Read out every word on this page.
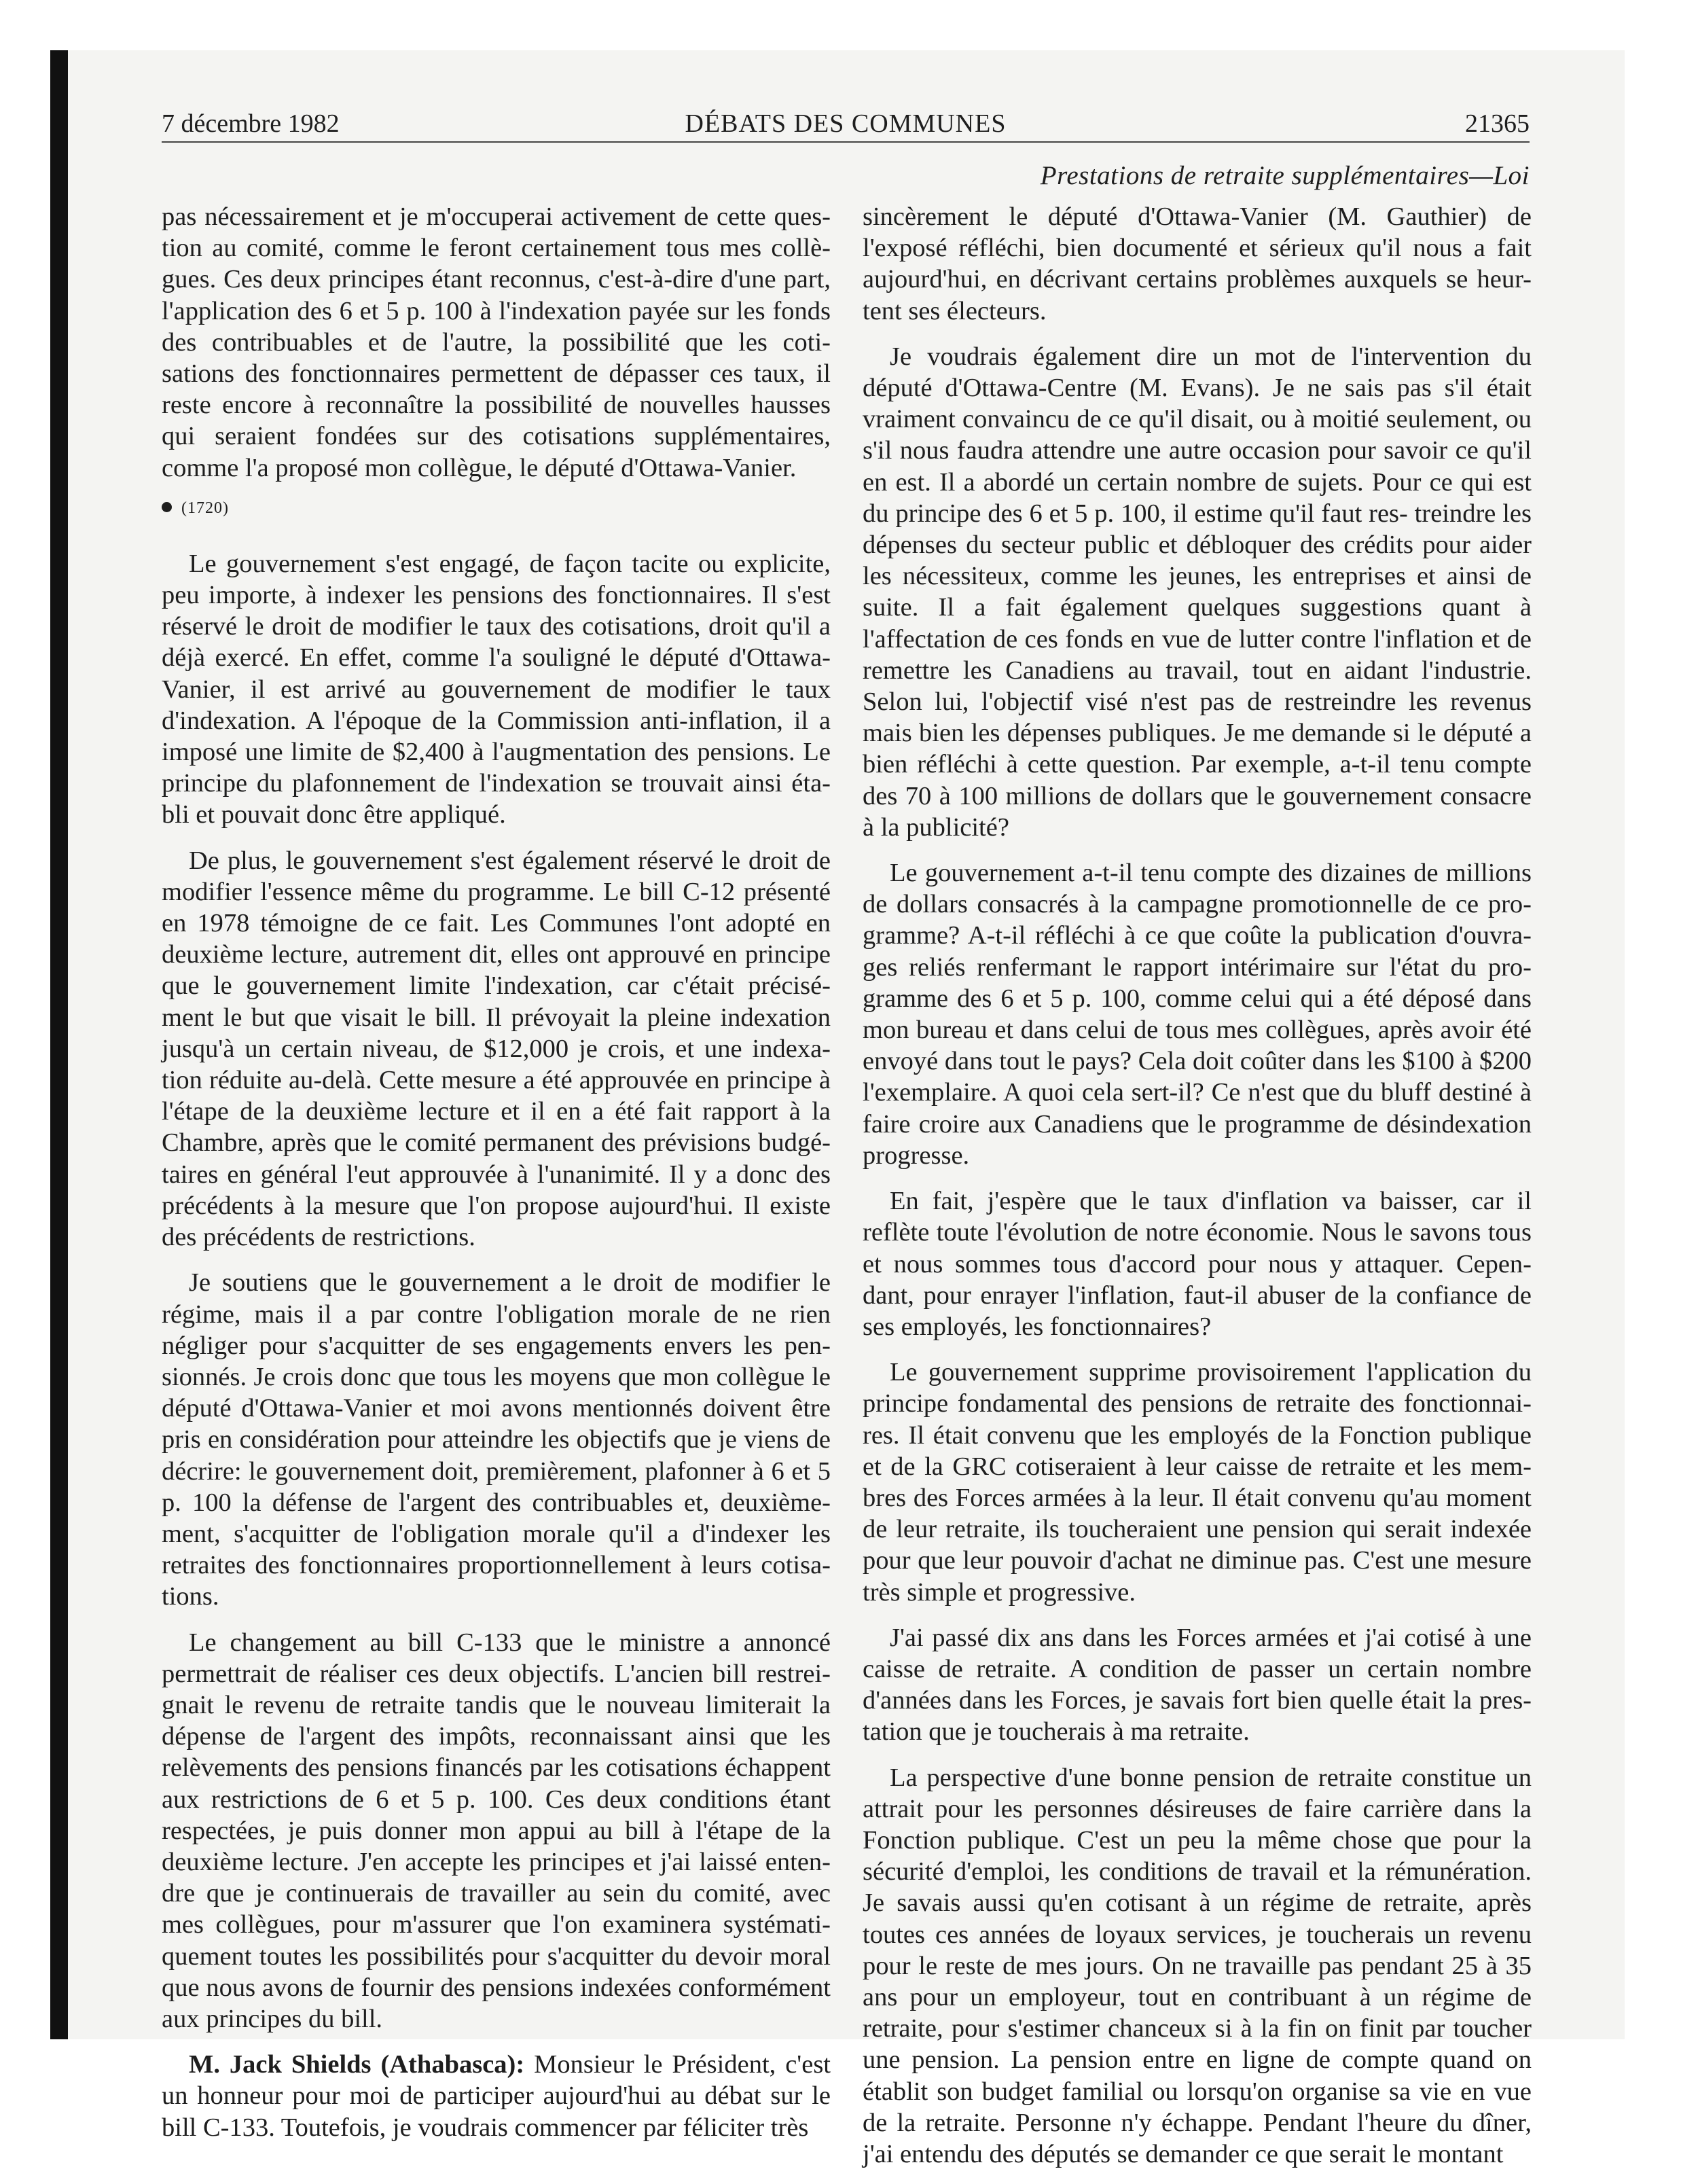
7 décembre 1982	DÉBATS DES COMMUNES	21365
Prestations de retraite supplémentaires—Loi

pas nécessairement et je m'occuperai activement de cette ques- tion au comité, comme le feront certainement tous mes collè- gues. Ces deux principes étant reconnus, c'est-à-dire d'une part, l'application des 6 et 5 p. 100 à l'indexation payée sur les fonds des contribuables et de l'autre, la possibilité que les coti- sations des fonctionnaires permettent de dépasser ces taux, il reste encore à reconnaître la possibilité de nouvelles hausses qui seraient fondées sur des cotisations supplémentaires, comme l'a proposé mon collègue, le député d'Ottawa-Vanier.

(1720)

Le gouvernement s'est engagé, de façon tacite ou explicite, peu importe, à indexer les pensions des fonctionnaires. Il s'est réservé le droit de modifier le taux des cotisations, droit qu'il a déjà exercé. En effet, comme l'a souligné le député d'Ottawa- Vanier, il est arrivé au gouvernement de modifier le taux d'indexation. A l'époque de la Commission anti-inflation, il a imposé une limite de $2,400 à l'augmentation des pensions. Le principe du plafonnement de l'indexation se trouvait ainsi éta- bli et pouvait donc être appliqué.

De plus, le gouvernement s'est également réservé le droit de modifier l'essence même du programme. Le bill C-12 présenté en 1978 témoigne de ce fait. Les Communes l'ont adopté en deuxième lecture, autrement dit, elles ont approuvé en principe que le gouvernement limite l'indexation, car c'était précisé- ment le but que visait le bill. Il prévoyait la pleine indexation jusqu'à un certain niveau, de $12,000 je crois, et une indexa- tion réduite au-delà. Cette mesure a été approuvée en principe à l'étape de la deuxième lecture et il en a été fait rapport à la Chambre, après que le comité permanent des prévisions budgé- taires en général l'eut approuvée à l'unanimité. Il y a donc des précédents à la mesure que l'on propose aujourd'hui. Il existe des précédents de restrictions.

Je soutiens que le gouvernement a le droit de modifier le régime, mais il a par contre l'obligation morale de ne rien négliger pour s'acquitter de ses engagements envers les pen- sionnés. Je crois donc que tous les moyens que mon collègue le député d'Ottawa-Vanier et moi avons mentionnés doivent être pris en considération pour atteindre les objectifs que je viens de décrire: le gouvernement doit, premièrement, plafonner à 6 et 5 p. 100 la défense de l'argent des contribuables et, deuxième- ment, s'acquitter de l'obligation morale qu'il a d'indexer les retraites des fonctionnaires proportionnellement à leurs cotisa- tions.

Le changement au bill C-133 que le ministre a annoncé permettrait de réaliser ces deux objectifs. L'ancien bill restrei- gnait le revenu de retraite tandis que le nouveau limiterait la dépense de l'argent des impôts, reconnaissant ainsi que les relèvements des pensions financés par les cotisations échappent aux restrictions de 6 et 5 p. 100. Ces deux conditions étant respectées, je puis donner mon appui au bill à l'étape de la deuxième lecture. J'en accepte les principes et j'ai laissé enten- dre que je continuerais de travailler au sein du comité, avec mes collègues, pour m'assurer que l'on examinera systémati- quement toutes les possibilités pour s'acquitter du devoir moral que nous avons de fournir des pensions indexées conformément aux principes du bill.

M. Jack Shields (Athabasca): Monsieur le Président, c'est un honneur pour moi de participer aujourd'hui au débat sur le bill C-133. Toutefois, je voudrais commencer par féliciter très

sincèrement le député d'Ottawa-Vanier (M. Gauthier) de l'exposé réfléchi, bien documenté et sérieux qu'il nous a fait aujourd'hui, en décrivant certains problèmes auxquels se heur- tent ses électeurs.

Je voudrais également dire un mot de l'intervention du député d'Ottawa-Centre (M. Evans). Je ne sais pas s'il était vraiment convaincu de ce qu'il disait, ou à moitié seulement, ou s'il nous faudra attendre une autre occasion pour savoir ce qu'il en est. Il a abordé un certain nombre de sujets. Pour ce qui est du principe des 6 et 5 p. 100, il estime qu'il faut res- treindre les dépenses du secteur public et débloquer des crédits pour aider les nécessiteux, comme les jeunes, les entreprises et ainsi de suite. Il a fait également quelques suggestions quant à l'affectation de ces fonds en vue de lutter contre l'inflation et de remettre les Canadiens au travail, tout en aidant l'industrie. Selon lui, l'objectif visé n'est pas de restreindre les revenus mais bien les dépenses publiques. Je me demande si le député a bien réfléchi à cette question. Par exemple, a-t-il tenu compte des 70 à 100 millions de dollars que le gouvernement consacre à la publicité?

Le gouvernement a-t-il tenu compte des dizaines de millions de dollars consacrés à la campagne promotionnelle de ce pro- gramme? A-t-il réfléchi à ce que coûte la publication d'ouvra- ges reliés renfermant le rapport intérimaire sur l'état du pro- gramme des 6 et 5 p. 100, comme celui qui a été déposé dans mon bureau et dans celui de tous mes collègues, après avoir été envoyé dans tout le pays? Cela doit coûter dans les $100 à $200 l'exemplaire. A quoi cela sert-il? Ce n'est que du bluff destiné à faire croire aux Canadiens que le programme de désindexation progresse.

En fait, j'espère que le taux d'inflation va baisser, car il reflète toute l'évolution de notre économie. Nous le savons tous et nous sommes tous d'accord pour nous y attaquer. Cepen- dant, pour enrayer l'inflation, faut-il abuser de la confiance de ses employés, les fonctionnaires?

Le gouvernement supprime provisoirement l'application du principe fondamental des pensions de retraite des fonctionnai- res. Il était convenu que les employés de la Fonction publique et de la GRC cotiseraient à leur caisse de retraite et les mem- bres des Forces armées à la leur. Il était convenu qu'au moment de leur retraite, ils toucheraient une pension qui serait indexée pour que leur pouvoir d'achat ne diminue pas. C'est une mesure très simple et progressive.

J'ai passé dix ans dans les Forces armées et j'ai cotisé à une caisse de retraite. A condition de passer un certain nombre d'années dans les Forces, je savais fort bien quelle était la pres- tation que je toucherais à ma retraite.

La perspective d'une bonne pension de retraite constitue un attrait pour les personnes désireuses de faire carrière dans la Fonction publique. C'est un peu la même chose que pour la sécurité d'emploi, les conditions de travail et la rémunération. Je savais aussi qu'en cotisant à un régime de retraite, après toutes ces années de loyaux services, je toucherais un revenu pour le reste de mes jours. On ne travaille pas pendant 25 à 35 ans pour un employeur, tout en contribuant à un régime de retraite, pour s'estimer chanceux si à la fin on finit par toucher une pension. La pension entre en ligne de compte quand on établit son budget familial ou lorsqu'on organise sa vie en vue de la retraite. Personne n'y échappe. Pendant l'heure du dîner, j'ai entendu des députés se demander ce que serait le montant
